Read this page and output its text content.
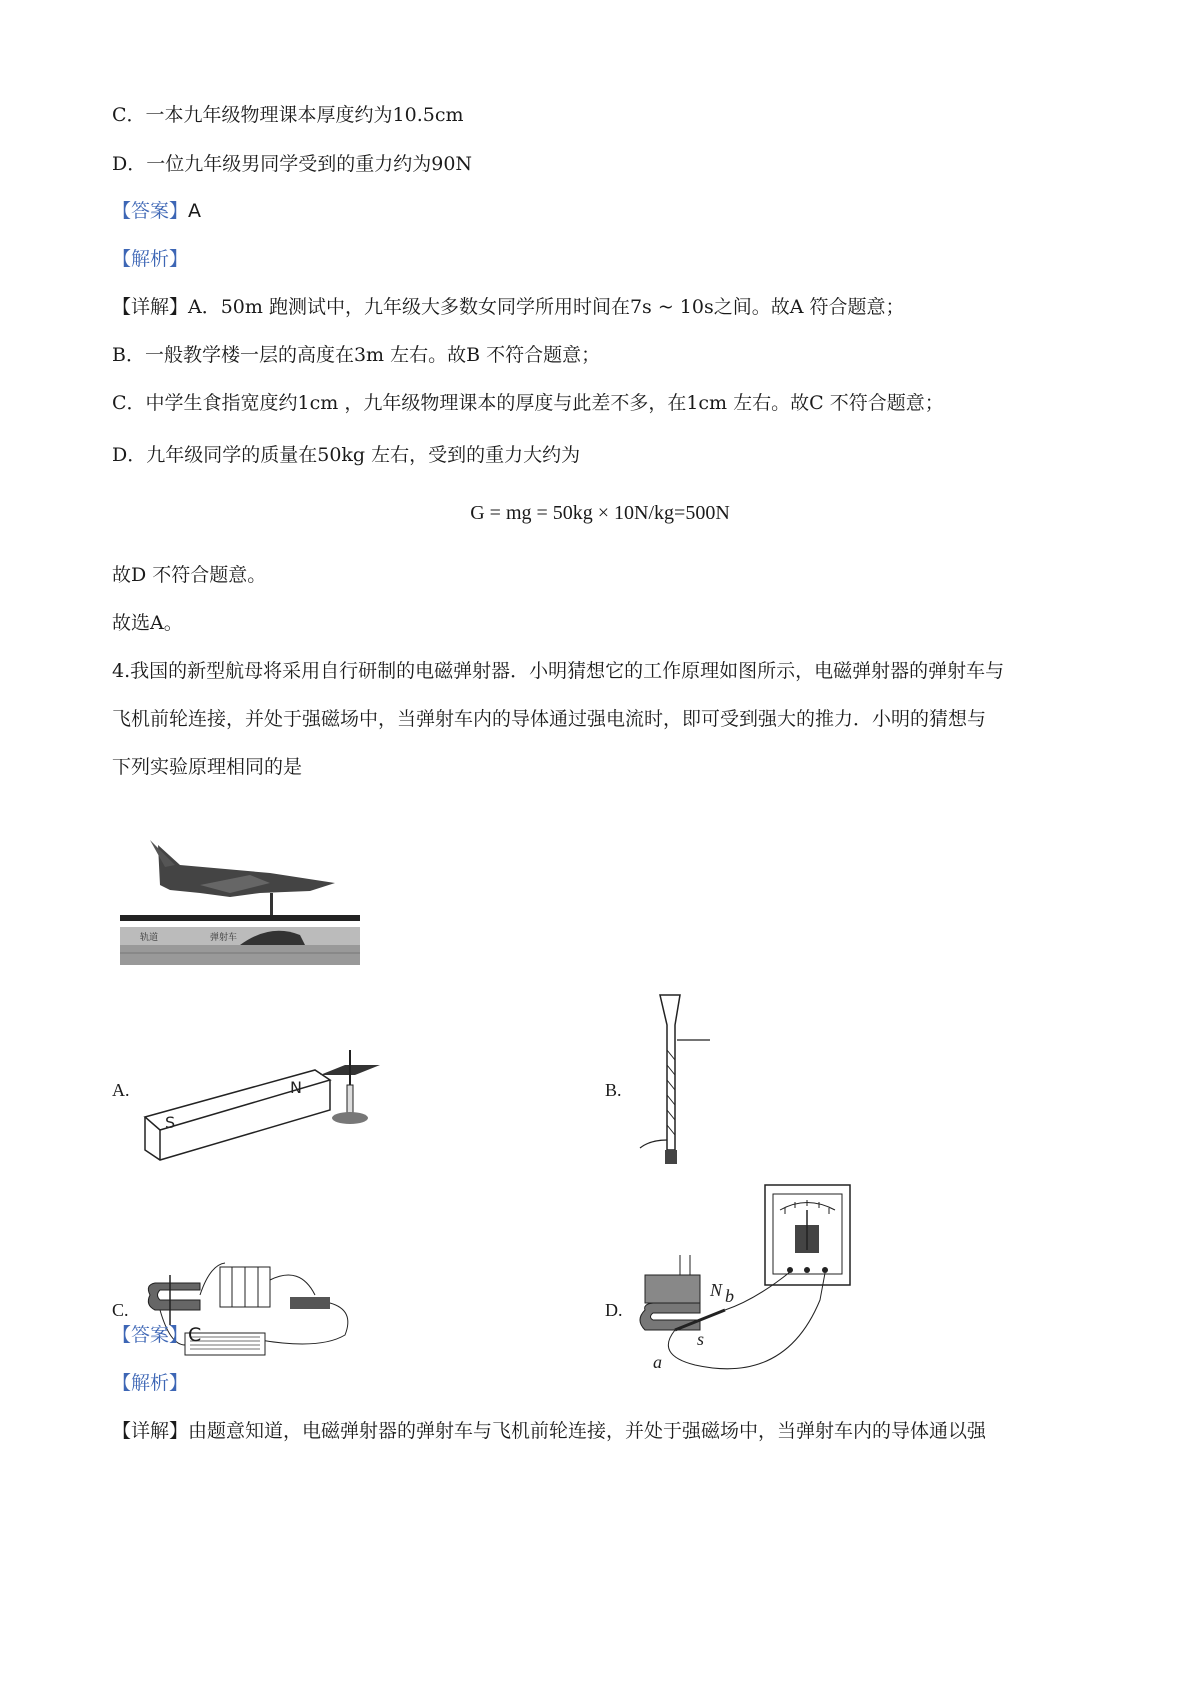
C．一本九年级物理课本厚度约为10.5cm
D．一位九年级男同学受到的重力约为90N
【答案】A
【解析】
【详解】A．50m 跑测试中，九年级大多数女同学所用时间在7s ~ 10s之间。故A 符合题意；
B．一般教学楼一层的高度在3m 左右。故B 不符合题意；
C．中学生食指宽度约1cm ，九年级物理课本的厚度与此差不多，在1cm 左右。故C 不符合题意；
D．九年级同学的质量在50kg 左右，受到的重力大约为
G = mg = 50kg × 10N/kg=500N
故D 不符合题意。
故选A。
4.我国的新型航母将采用自行研制的电磁弹射器．小明猜想它的工作原理如图所示，电磁弹射器的弹射车与
飞机前轮连接，并处于强磁场中，当弹射车内的导体通过强电流时，即可受到强大的推力．小明的猜想与
下列实验原理相同的是
轨道	弹射车
A.
S
N	B.
C.	D.
N b
s
a
【答案】C
【解析】
【详解】由题意知道，电磁弹射器的弹射车与飞机前轮连接，并处于强磁场中，当弹射车内的导体通以强
